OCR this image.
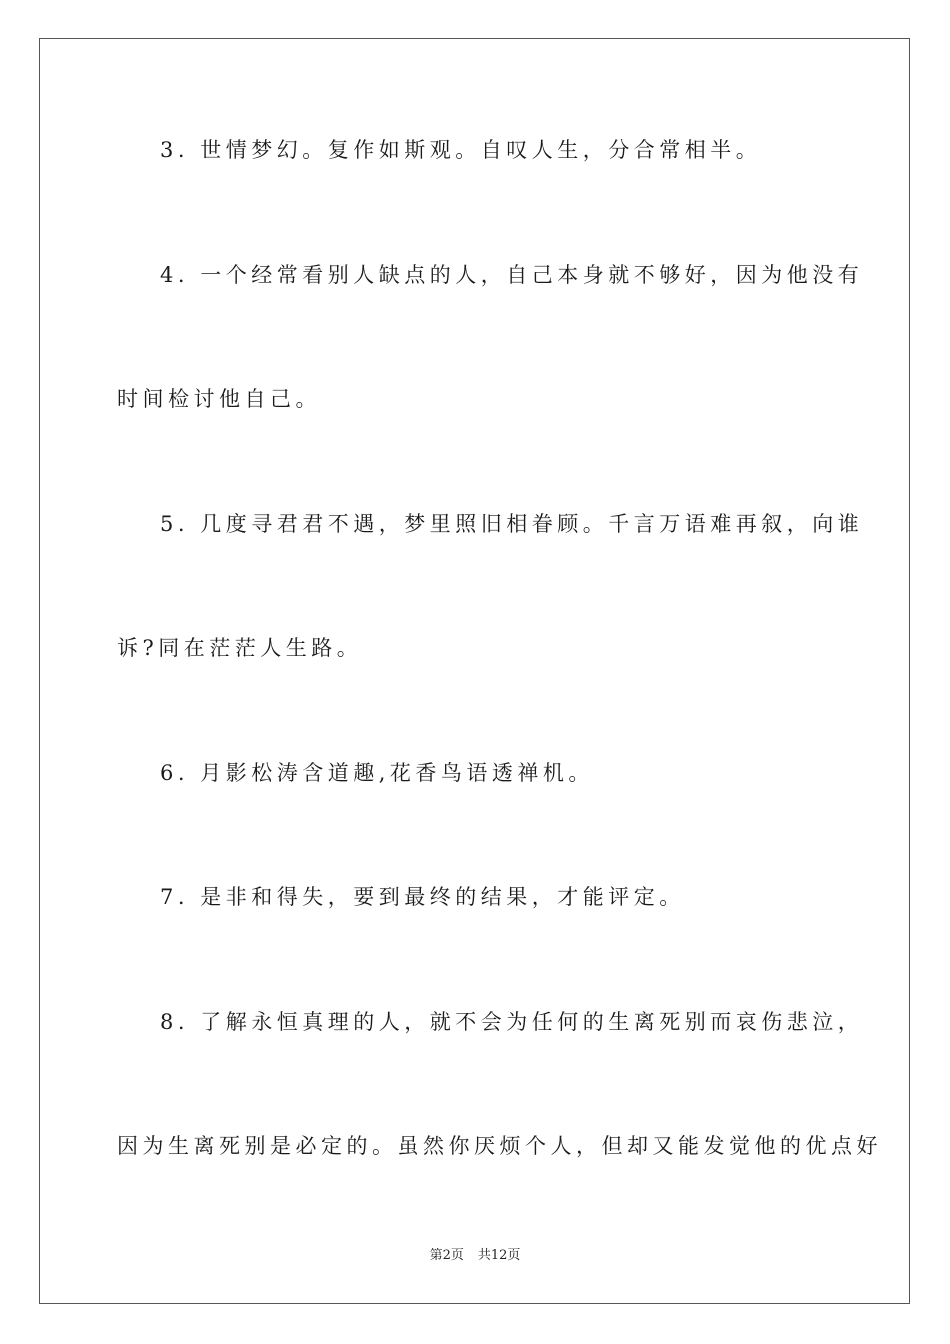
3. 世情梦幻。复作如斯观。自叹人生，分合常相半。
4. 一个经常看别人缺点的人，自己本身就不够好，因为他没有
时间检讨他自己。
5. 几度寻君君不遇，梦里照旧相眷顾。千言万语难再叙，向谁
诉?同在茫茫人生路。
6. 月影松涛含道趣,花香鸟语透禅机。
7. 是非和得失，要到最终的结果，才能评定。
8. 了解永恒真理的人，就不会为任何的生离死别而哀伤悲泣，
因为生离死别是必定的。虽然你厌烦个人，但却又能发觉他的优点好
第2页 共12页
